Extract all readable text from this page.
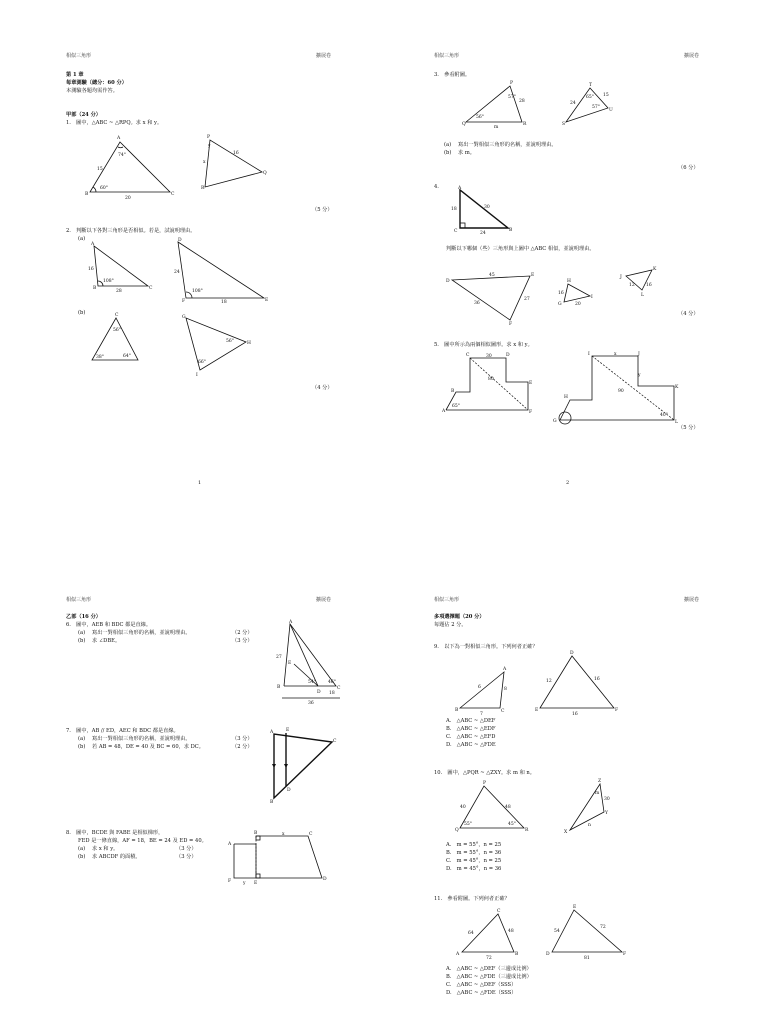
相似三角形	擴展卷
第 1 章
每章測驗（總分：60 分）
本測驗各題均需作答。
甲部（24 分）
1.　圖中，△ABC ~ △RPQ。求 x 和 y。
B
A
C
74°
60°
15
20
R
P
Q
x
y
16
（5 分）
2.　判斷以下各對三角形是否相似。若是，試說明理由。
(a)
A
B	C
16
28
108°
D
F	E
24
18
108°
(b)	C
56°
38°	64°
G
I
H
56°
66°
（4 分）
1
相似三角形	擴展卷
3.　參看附圖。
Q
P
R
57°
56°
28
m
S
T
U
65°
57°
24
15
(a) 寫出一對相似三角形的名稱，並說明理由。
(b) 求 m。
（6 分）
4.	A
C	B
18	30
24
判斷以下哪個（些）三角形與上圖中 △ABC 相似，並說明理由。
D
E
F
45
36
27
H
G
I
16
20
J
K
L
12	16
（4 分）
5.　圖中所示為兩個相似圖形。求 x 和 y。
A
B
C	D
E
F
30
65°
80
G
H
I	J
K
L
x
y
90
40°
（5 分）
2
相似三角形	擴展卷
乙部（16 分）
6.　圖中，AEB 和 BDC 都是直線。
(a) 寫出一對相似三角形的名稱，並說明理由。	（2 分）
(b) 求 ∠DBE。	（3 分）
A
B	C
D
E
27
54°	46°
18
36
7.　圖中，AB // ED，AEC 和 BDC 都是直線。
(a) 寫出一對相似三角形的名稱，並說明理由。	（3 分）
(b) 若 AB = 48，DE = 40 及 BC = 60，求 DC。	（2 分）
A
B
C
D
E
8.　圖中，BCDE 與 FABE 是相似梯形，
FED 是一條直線，AF = 18，BE = 24 及 ED = 40。
(a) 求 x 和 y。	（3 分）
(b) 求 ABCDF 的面積。	（3 分）
B	C
D
E
F
A
x
y
相似三角形	擴展卷
多項選擇題（20 分）
每題佔 2 分。
9.　以下為一對相似三角形。下列何者正確？
B
A
C
6	8
7
D
E	F
12	16
16
A.　△ABC ~ △DEF
B.　△ABC ~ △EDF
C.　△ABC ~ △EFD
D.　△ABC ~ △FDE
10.　圖中，△PQR ~ △ZXY。求 m 和 n。
Q
P
R
40	48
55°	45°
X
Z
Y
m
30
n
A.　m = 55°，n = 25
B.　m = 55°，n = 36
C.　m = 45°，n = 25
D.　m = 45°，n = 36
11.　參看附圖。下列何者正確？
A
C
B
64	48
72
D
E
F
54
72
81
A.　△ABC ~ △DEF（三邊成比例）
B.　△ABC ~ △FDE（三邊成比例）
C.　△ABC ~ △DEF（SSS）
D.　△ABC ~ △FDE（SSS）
